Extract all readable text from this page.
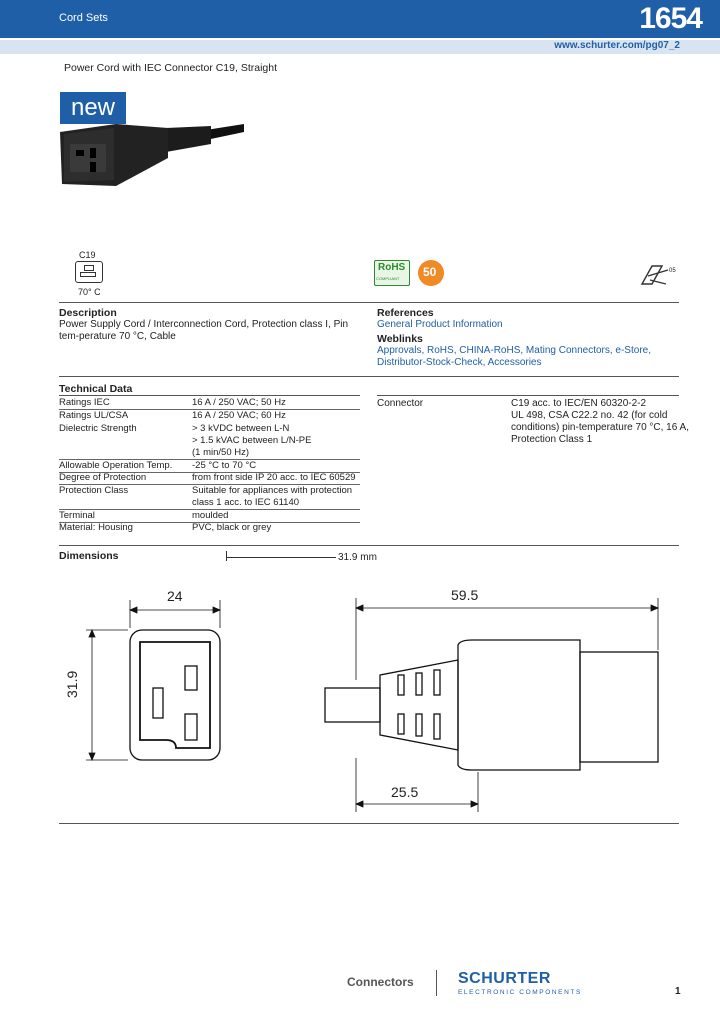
Cord Sets	1654
www.schurter.com/pg07_2
Power Cord with IEC Connector C19, Straight
new
C19
70° C
RoHS
COMPLIANT 50	05
Description
Power Supply Cord / Interconnection Cord, Protection class I, Pin tem-perature 70 °C, Cable
References
General Product Information
Weblinks
Approvals, RoHS, CHINA-RoHS, Mating Connectors, e-Store,
Distributor-Stock-Check, Accessories
Technical Data
Ratings IEC	16 A / 250 VAC; 50 Hz
Ratings UL/CSA	16 A / 250 VAC; 60 Hz
Dielectric Strength	> 3 kVDC between L-N
> 1.5 kVAC between L/N-PE
(1 min/50 Hz)
Allowable Operation Temp. -25 °C to 70 °C
Degree of Protection	from front side IP 20 acc. to IEC 60529
Protection Class	Suitable for appliances with protection
class 1 acc. to IEC 61140
Terminal	moulded
Material: Housing	PVC, black or grey
Connector	C19 acc. to IEC/EN 60320-2-2
UL 498, CSA C22.2 no. 42 (for cold
conditions) pin-temperature 70 °C, 16 A,
Protection Class 1
Dimensions	31.9 mm
24
31.9
59.5
25.5
Connectors	SCHURTER
ELECTRONIC COMPONENTS	1
